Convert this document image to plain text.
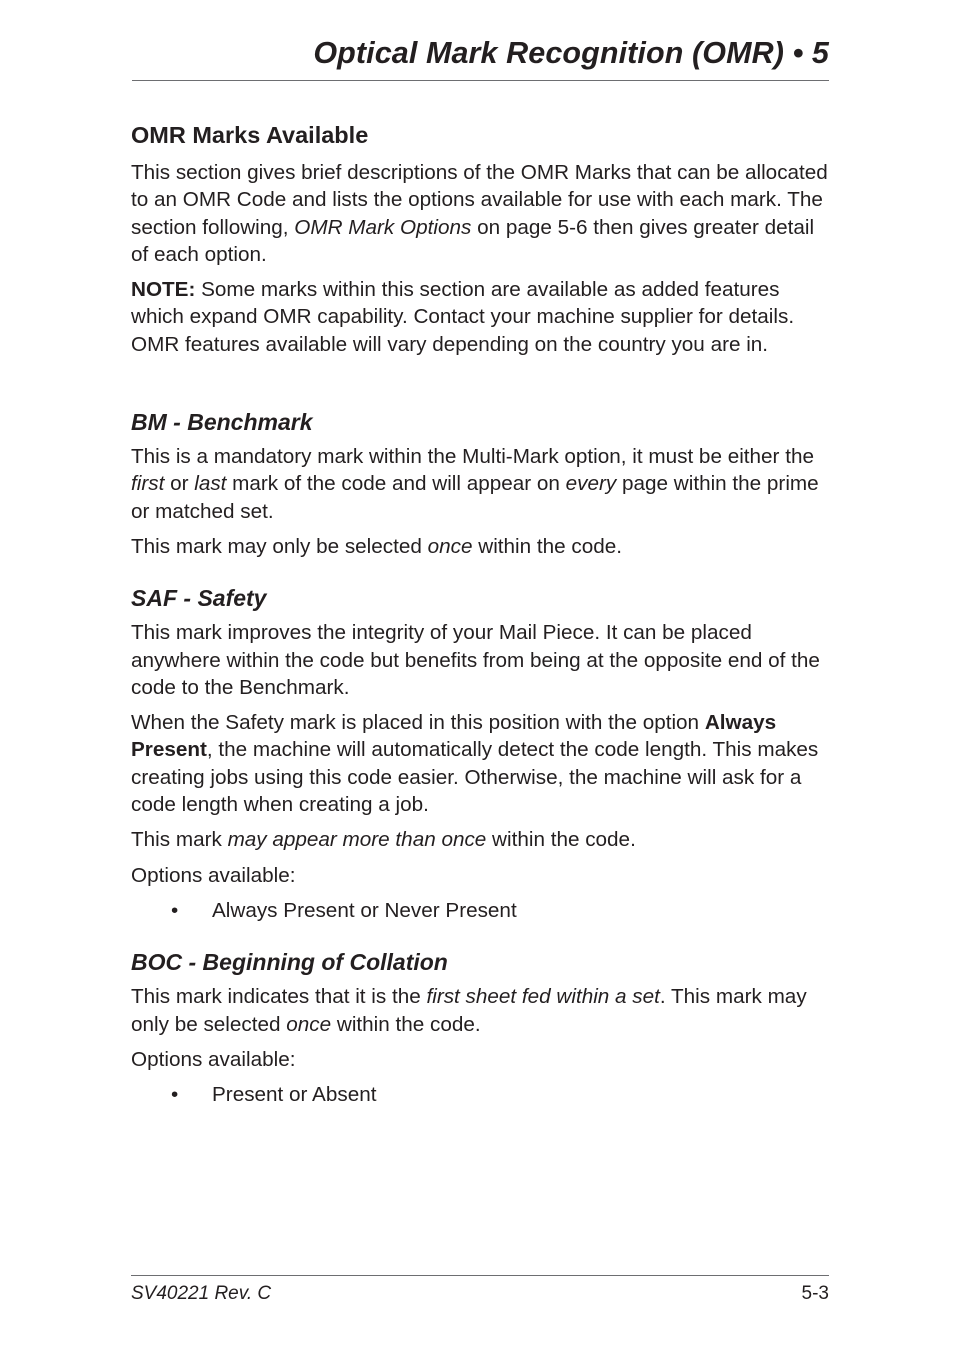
Optical Mark Recognition (OMR) • 5
OMR Marks Available

This section gives brief descriptions of the OMR Marks that can be allocated to an OMR Code and lists the options available for use with each mark. The section following, OMR Mark Options on page 5-6 then gives greater detail of each option.

NOTE: Some marks within this section are available as added features which expand OMR capability. Contact your machine supplier for details. OMR features available will vary depending on the country you are in.

BM - Benchmark

This is a mandatory mark within the Multi-Mark option, it must be either the first or last mark of the code and will appear on every page within the prime or matched set.

This mark may only be selected once within the code.

SAF - Safety

This mark improves the integrity of your Mail Piece. It can be placed anywhere within the code but benefits from being at the opposite end of the code to the Benchmark.

When the Safety mark is placed in this position with the option Always Present, the machine will automatically detect the code length. This makes creating jobs using this code easier. Otherwise, the machine will ask for a code length when creating a job.

This mark may appear more than once within the code.

Options available:

• Always Present or Never Present
BOC - Beginning of Collation

This mark indicates that it is the first sheet fed within a set. This mark may only be selected once within the code.

Options available:

• Present or Absent
SV40221 Rev. C	5-3
